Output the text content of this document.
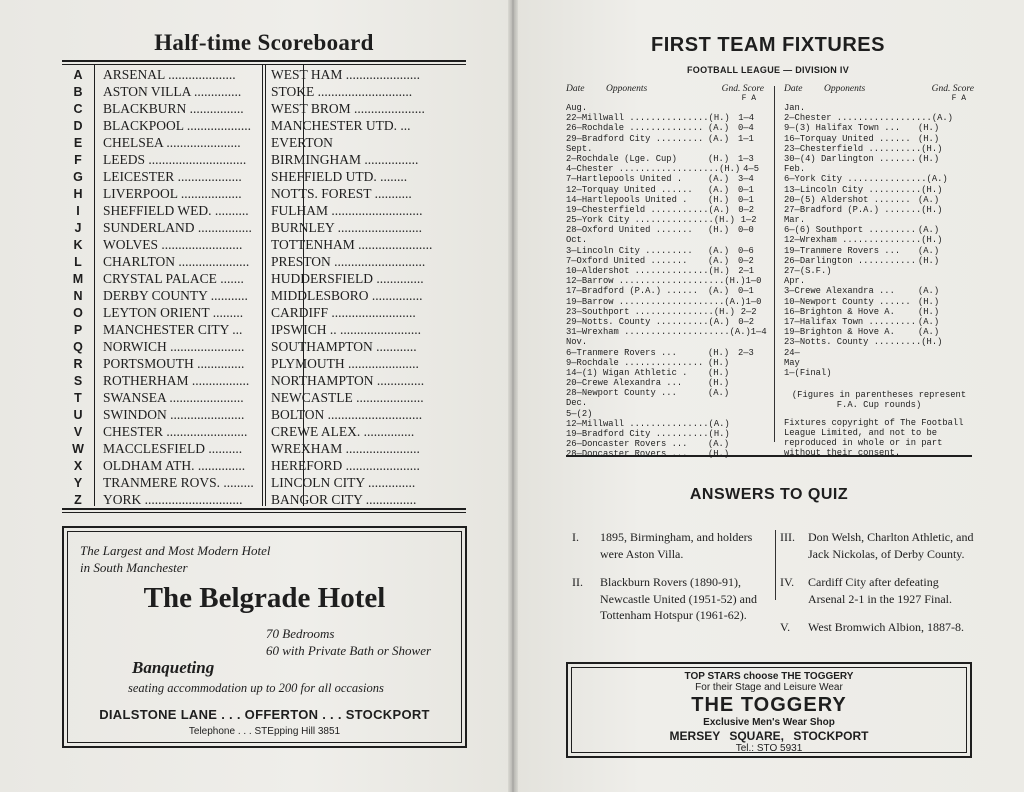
Half-time Scoreboard
A	ARSENAL ....................	WEST HAM ......................
B	ASTON VILLA ..............	STOKE ............................
C	BLACKBURN ................	WEST BROM .....................
D	BLACKPOOL ...................	MANCHESTER UTD. ...
E	CHELSEA ......................	EVERTON
F	LEEDS .............................	BIRMINGHAM ................
G	LEICESTER ...................	SHEFFIELD UTD. ........
H	LIVERPOOL ..................	NOTTS. FOREST ...........
I	SHEFFIELD WED. ..........	FULHAM ...........................
J	SUNDERLAND ................	BURNLEY .........................
K	WOLVES ........................	TOTTENHAM ......................
L	CHARLTON .....................	PRESTON ...........................
M	CRYSTAL PALACE .......	HUDDERSFIELD ..............
N	DERBY COUNTY ...........	MIDDLESBORO ...............
O	LEYTON ORIENT .........	CARDIFF .........................
P	MANCHESTER CITY ...	IPSWICH .. ........................
Q	NORWICH ......................	SOUTHAMPTON ............
R	PORTSMOUTH ..............	PLYMOUTH .....................
S	ROTHERHAM .................	NORTHAMPTON ..............
T	SWANSEA ......................	NEWCASTLE ....................
U	SWINDON ......................	BOLTON ............................
V	CHESTER ........................	CREWE ALEX. ...............
W	MACCLESFIELD ..........	WREXHAM ......................
X	OLDHAM ATH. ..............	HEREFORD ......................
Y	TRANMERE ROVS. .........	LINCOLN CITY ..............
Z	YORK .............................	BANGOR CITY ...............
The Largest and Most Modern Hotel
in South Manchester
The Belgrade Hotel
70 Bedrooms
60 with Private Bath or Shower
Banqueting
seating accommodation up to 200 for all occasions
DIALSTONE LANE . . . OFFERTON . . . STOCKPORT
Telephone . . . STEpping Hill 3851
FIRST TEAM FIXTURES
FOOTBALL LEAGUE — DIVISION IV
Date	Opponents	Gnd. Score
F A
Aug.
22—Millwall ............... (H.) 1—4
26—Rochdale .............. (A.)	0—4
29—Bradford City ......... (A.)	1—1
Sept.
2—Rochdale (Lge. Cup)	(H.)	1—3
4—Chester ................... (H.) 4—5
7—Hartlepools United .	(A.)	3—4
12—Torquay United ......	(A.)	0—1
14—Hartlepools United .	(H.)	0—1
19—Chesterfield ........... (A.) 0—2
25—York City ............... (H.) 1—2
28—Oxford United .......	(H.)	0—0
Oct.
3—Lincoln City .........	(A.)	0—6
7—Oxford United .......	(A.)	0—2
10—Aldershot .............. (H.) 2—1
12—Barrow .................... (H.) 1—0
17—Bradford (P.A.) ......	(A.)	0—1
19—Barrow .................... (A.) 1—0
23—Southport ............... (H.) 2—2
29—Notts. County .......... (A.) 0—2
31—Wrexham .................... (A.) 1—4
Nov.
6—Tranmere Rovers ...	(H.)	2—3
9—Rochdale ............... (H.)
14—(1) Wigan Athletic .	(H.)
20—Crewe Alexandra ...	(H.)
28—Newport County ...	(A.)
Dec.
5—(2)
12—Millwall ............... (A.)
19—Bradford City .......... (H.)
26—Doncaster Rovers ...	(A.)
28—Doncaster Rovers ...	(H.)
Date	Opponents	Gnd. Score
F A
Jan.
2—Chester .................. (A.)
9—(3) Halifax Town ...	(H.)
16—Torquay United ...... (H.)
23—Chesterfield .......... (H.)
30—(4) Darlington ....... (H.)
Feb.
6—York City ............... (A.)
13—Lincoln City .......... (H.)
20—(5) Aldershot ....... (A.)
27—Bradford (P.A.) ....... (H.)
Mar.
6—(6) Southport ......... (A.)
12—Wrexham ............... (H.)
19—Tranmere Rovers ...	(A.)
26—Darlington ........... (H.)
27—(S.F.)
Apr.
3—Crewe Alexandra ...	(A.)
10—Newport County ...... (H.)
16—Brighton & Hove A.	(H.)
17—Halifax Town ......... (A.)
19—Brighton & Hove A.	(A.)
23—Notts. County ......... (H.)
24—
May
1—(Final)
(Figures in parentheses represent F.A. Cup rounds)
Fixtures copyright of The Football League Limited, and not to be reproduced in whole or in part without their consent.
ANSWERS TO QUIZ
I.	1895, Birmingham, and holders were Aston Villa.
II.	Blackburn Rovers (1890-91), Newcastle United (1951-52) and Tottenham Hotspur (1961-62).
III.	Don Welsh, Charlton Athletic, and Jack Nickolas, of Derby County.
IV.	Cardiff City after defeating Arsenal 2-1 in the 1927 Final.
V.	West Bromwich Albion, 1887-8.
TOP STARS choose THE TOGGERY
For their Stage and Leisure Wear
THE TOGGERY
Exclusive Men's Wear Shop
MERSEY SQUARE, STOCKPORT
Tel.: STO 5931
